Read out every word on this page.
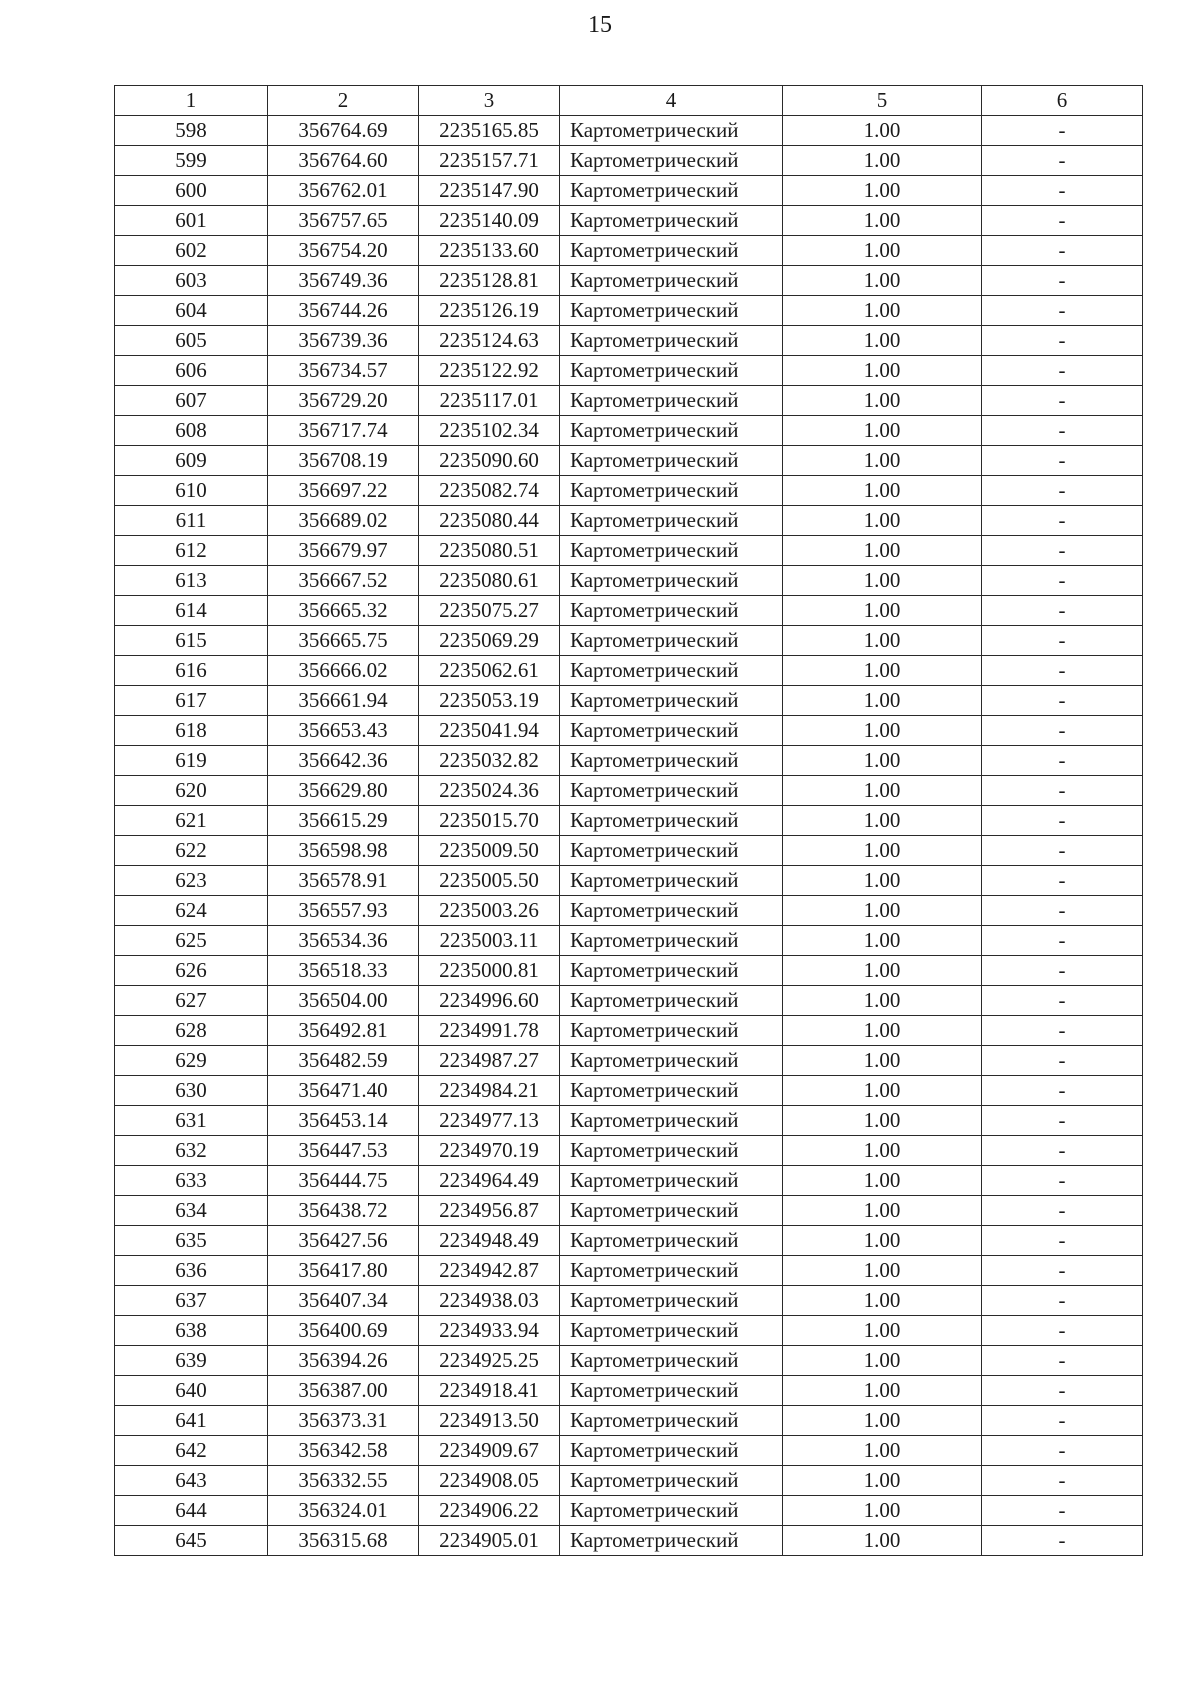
15
1	2	3	4	5	6
598	356764.69	2235165.85	Картометрический	1.00	-
599	356764.60	2235157.71	Картометрический	1.00	-
600	356762.01	2235147.90	Картометрический	1.00	-
601	356757.65	2235140.09	Картометрический	1.00	-
602	356754.20	2235133.60	Картометрический	1.00	-
603	356749.36	2235128.81	Картометрический	1.00	-
604	356744.26	2235126.19	Картометрический	1.00	-
605	356739.36	2235124.63	Картометрический	1.00	-
606	356734.57	2235122.92	Картометрический	1.00	-
607	356729.20	2235117.01	Картометрический	1.00	-
608	356717.74	2235102.34	Картометрический	1.00	-
609	356708.19	2235090.60	Картометрический	1.00	-
610	356697.22	2235082.74	Картометрический	1.00	-
611	356689.02	2235080.44	Картометрический	1.00	-
612	356679.97	2235080.51	Картометрический	1.00	-
613	356667.52	2235080.61	Картометрический	1.00	-
614	356665.32	2235075.27	Картометрический	1.00	-
615	356665.75	2235069.29	Картометрический	1.00	-
616	356666.02	2235062.61	Картометрический	1.00	-
617	356661.94	2235053.19	Картометрический	1.00	-
618	356653.43	2235041.94	Картометрический	1.00	-
619	356642.36	2235032.82	Картометрический	1.00	-
620	356629.80	2235024.36	Картометрический	1.00	-
621	356615.29	2235015.70	Картометрический	1.00	-
622	356598.98	2235009.50	Картометрический	1.00	-
623	356578.91	2235005.50	Картометрический	1.00	-
624	356557.93	2235003.26	Картометрический	1.00	-
625	356534.36	2235003.11	Картометрический	1.00	-
626	356518.33	2235000.81	Картометрический	1.00	-
627	356504.00	2234996.60	Картометрический	1.00	-
628	356492.81	2234991.78	Картометрический	1.00	-
629	356482.59	2234987.27	Картометрический	1.00	-
630	356471.40	2234984.21	Картометрический	1.00	-
631	356453.14	2234977.13	Картометрический	1.00	-
632	356447.53	2234970.19	Картометрический	1.00	-
633	356444.75	2234964.49	Картометрический	1.00	-
634	356438.72	2234956.87	Картометрический	1.00	-
635	356427.56	2234948.49	Картометрический	1.00	-
636	356417.80	2234942.87	Картометрический	1.00	-
637	356407.34	2234938.03	Картометрический	1.00	-
638	356400.69	2234933.94	Картометрический	1.00	-
639	356394.26	2234925.25	Картометрический	1.00	-
640	356387.00	2234918.41	Картометрический	1.00	-
641	356373.31	2234913.50	Картометрический	1.00	-
642	356342.58	2234909.67	Картометрический	1.00	-
643	356332.55	2234908.05	Картометрический	1.00	-
644	356324.01	2234906.22	Картометрический	1.00	-
645	356315.68	2234905.01	Картометрический	1.00	-
